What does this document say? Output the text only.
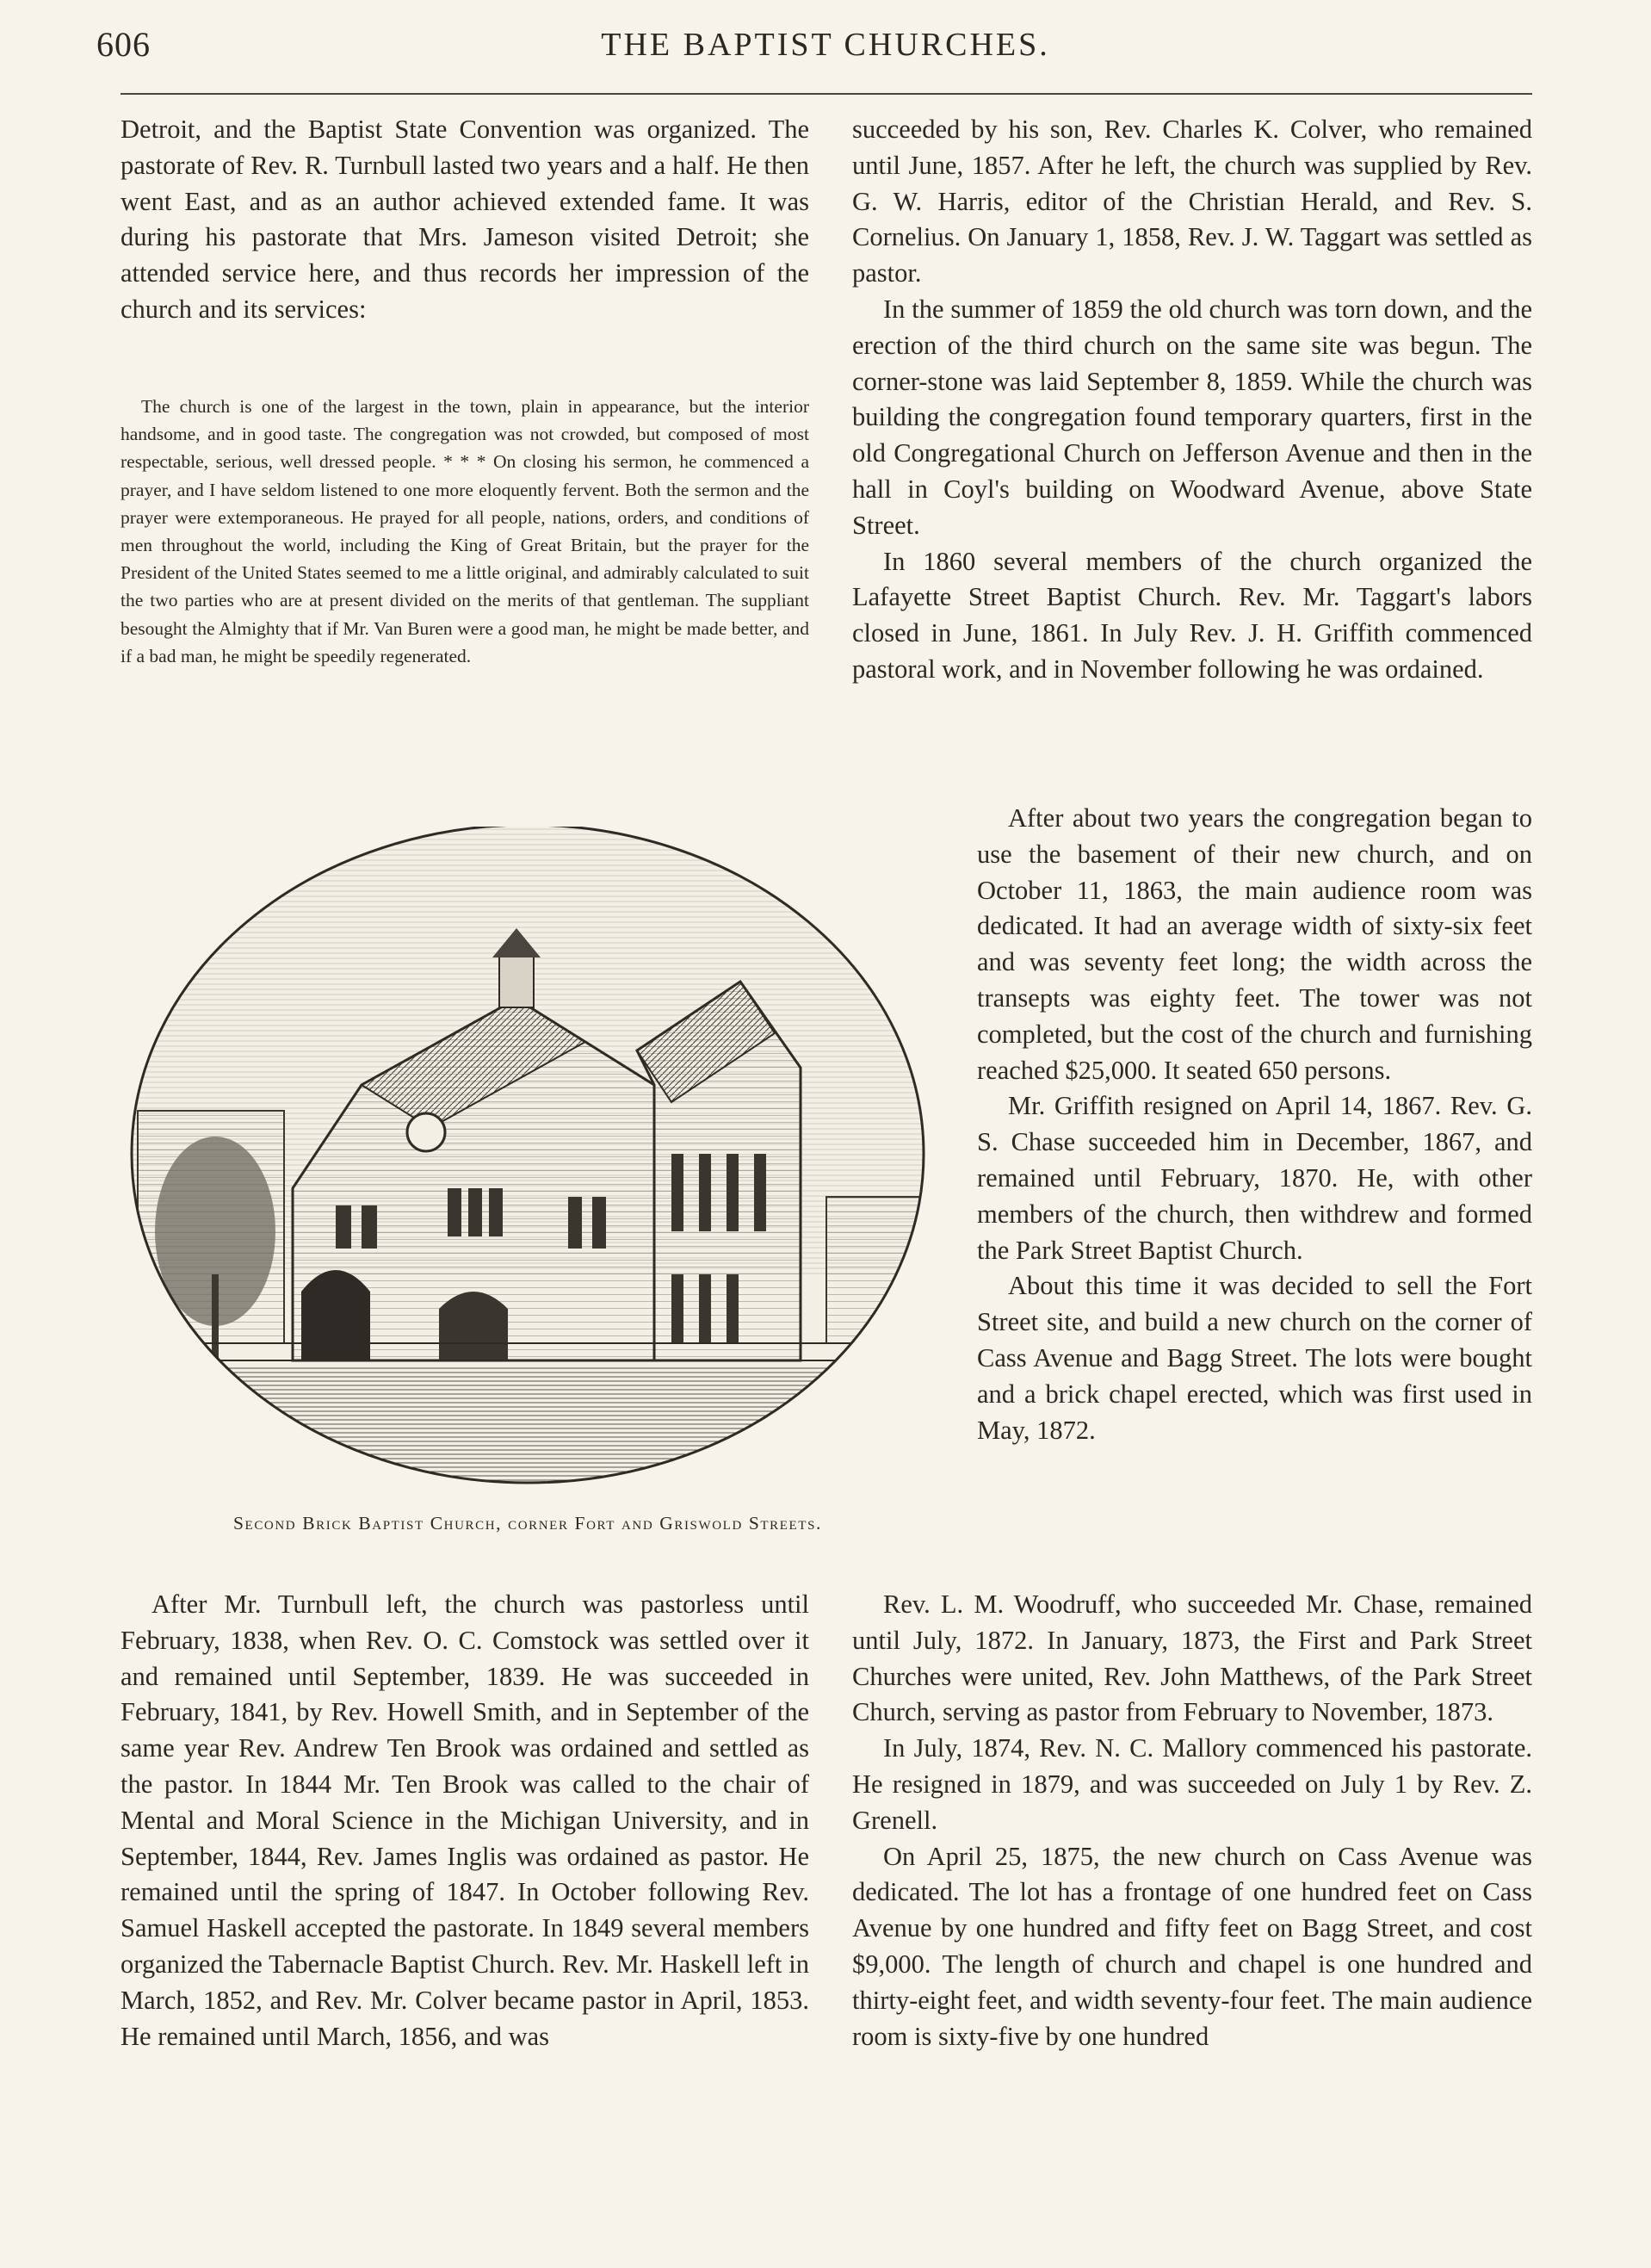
606	THE BAPTIST CHURCHES.

Detroit, and the Baptist State Convention was organized. The pastorate of Rev. R. Turnbull lasted two years and a half. He then went East, and as an author achieved extended fame. It was during his pastorate that Mrs. Jameson visited Detroit; she attended service here, and thus records her impression of the church and its services:

The church is one of the largest in the town, plain in appearance, but the interior handsome, and in good taste. The congregation was not crowded, but composed of most respectable, serious, well dressed people. * * * On closing his sermon, he commenced a prayer, and I have seldom listened to one more eloquently fervent. Both the sermon and the prayer were extemporaneous. He prayed for all people, nations, orders, and conditions of men throughout the world, including the King of Great Britain, but the prayer for the President of the United States seemed to me a little original, and admirably calculated to suit the two parties who are at present divided on the merits of that gentleman. The suppliant besought the Almighty that if Mr. Van Buren were a good man, he might be made better, and if a bad man, he might be speedily regenerated.

Second Brick Baptist Church, corner Fort and Griswold Streets.

After Mr. Turnbull left, the church was pastorless until February, 1838, when Rev. O. C. Comstock was settled over it and remained until September, 1839. He was succeeded in February, 1841, by Rev. Howell Smith, and in September of the same year Rev. Andrew Ten Brook was ordained and settled as the pastor. In 1844 Mr. Ten Brook was called to the chair of Mental and Moral Science in the Michigan University, and in September, 1844, Rev. James Inglis was ordained as pastor. He remained until the spring of 1847. In October following Rev. Samuel Haskell accepted the pastorate. In 1849 several members organized the Tabernacle Baptist Church. Rev. Mr. Haskell left in March, 1852, and Rev. Mr. Colver became pastor in April, 1853. He remained until March, 1856, and was

succeeded by his son, Rev. Charles K. Colver, who remained until June, 1857. After he left, the church was supplied by Rev. G. W. Harris, editor of the Christian Herald, and Rev. S. Cornelius. On January 1, 1858, Rev. J. W. Taggart was settled as pastor.

In the summer of 1859 the old church was torn down, and the erection of the third church on the same site was begun. The corner-stone was laid September 8, 1859. While the church was building the congregation found temporary quarters, first in the old Congregational Church on Jefferson Avenue and then in the hall in Coyl's building on Woodward Avenue, above State Street.

In 1860 several members of the church organized the Lafayette Street Baptist Church. Rev. Mr. Taggart's labors closed in June, 1861. In July Rev. J. H. Griffith commenced pastoral work, and in November following he was ordained.

After about two years the congregation began to use the basement of their new church, and on October 11, 1863, the main audience room was dedicated. It had an average width of sixty-six feet and was seventy feet long; the width across the transepts was eighty feet. The tower was not completed, but the cost of the church and furnishing reached $25,000. It seated 650 persons.

Mr. Griffith resigned on April 14, 1867. Rev. G. S. Chase succeeded him in December, 1867, and remained until February, 1870. He, with other members of the church, then withdrew and formed the Park Street Baptist Church.

About this time it was decided to sell the Fort Street site, and build a new church on the corner of Cass Avenue and Bagg Street. The lots were bought and a brick chapel erected, which was first used in May, 1872.

Rev. L. M. Woodruff, who succeeded Mr. Chase, remained until July, 1872. In January, 1873, the First and Park Street Churches were united, Rev. John Matthews, of the Park Street Church, serving as pastor from February to November, 1873.

In July, 1874, Rev. N. C. Mallory commenced his pastorate. He resigned in 1879, and was succeeded on July 1 by Rev. Z. Grenell.

On April 25, 1875, the new church on Cass Avenue was dedicated. The lot has a frontage of one hundred feet on Cass Avenue by one hundred and fifty feet on Bagg Street, and cost $9,000. The length of church and chapel is one hundred and thirty-eight feet, and width seventy-four feet. The main audience room is sixty-five by one hundred
